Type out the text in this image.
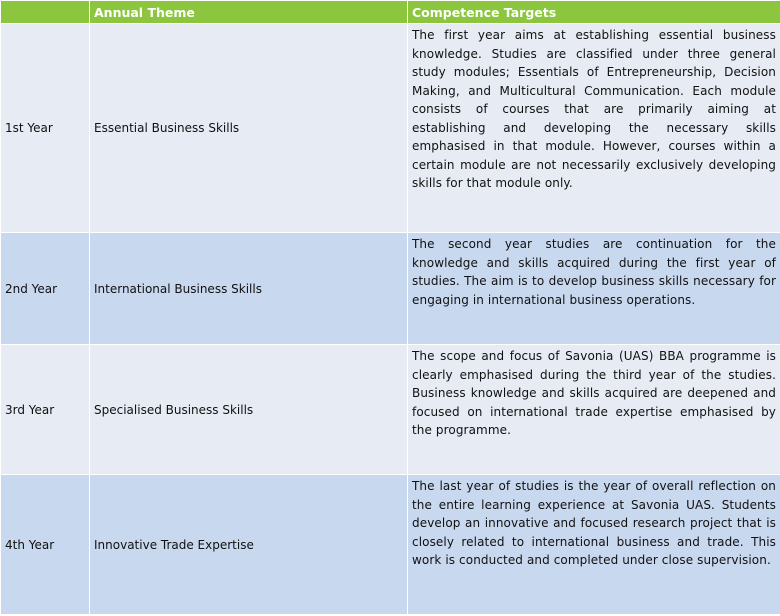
	Annual Theme	Competence Targets
1st Year	Essential Business Skills	The first year aims at establishing essential business knowledge. Studies are classified under three general study modules; Essentials of Entrepreneurship, Decision Making, and Multicultural Communication. Each module consists of courses that are primarily aiming at establishing and developing the necessary skills emphasised in that module. However, courses within a certain module are not necessarily exclusively developing skills for that module only.
2nd Year	International Business Skills	The second year studies are continuation for the knowledge and skills acquired during the first year of studies. The aim is to develop business skills necessary for engaging in international business operations.
3rd Year	Specialised Business Skills	The scope and focus of Savonia (UAS) BBA programme is clearly emphasised during the third year of the studies. Business knowledge and skills acquired are deepened and focused on international trade expertise emphasised by the programme.
4th Year	Innovative Trade Expertise	The last year of studies is the year of overall reflection on the entire learning experience at Savonia UAS. Students develop an innovative and focused research project that is closely related to international business and trade. This work is conducted and completed under close supervision.
